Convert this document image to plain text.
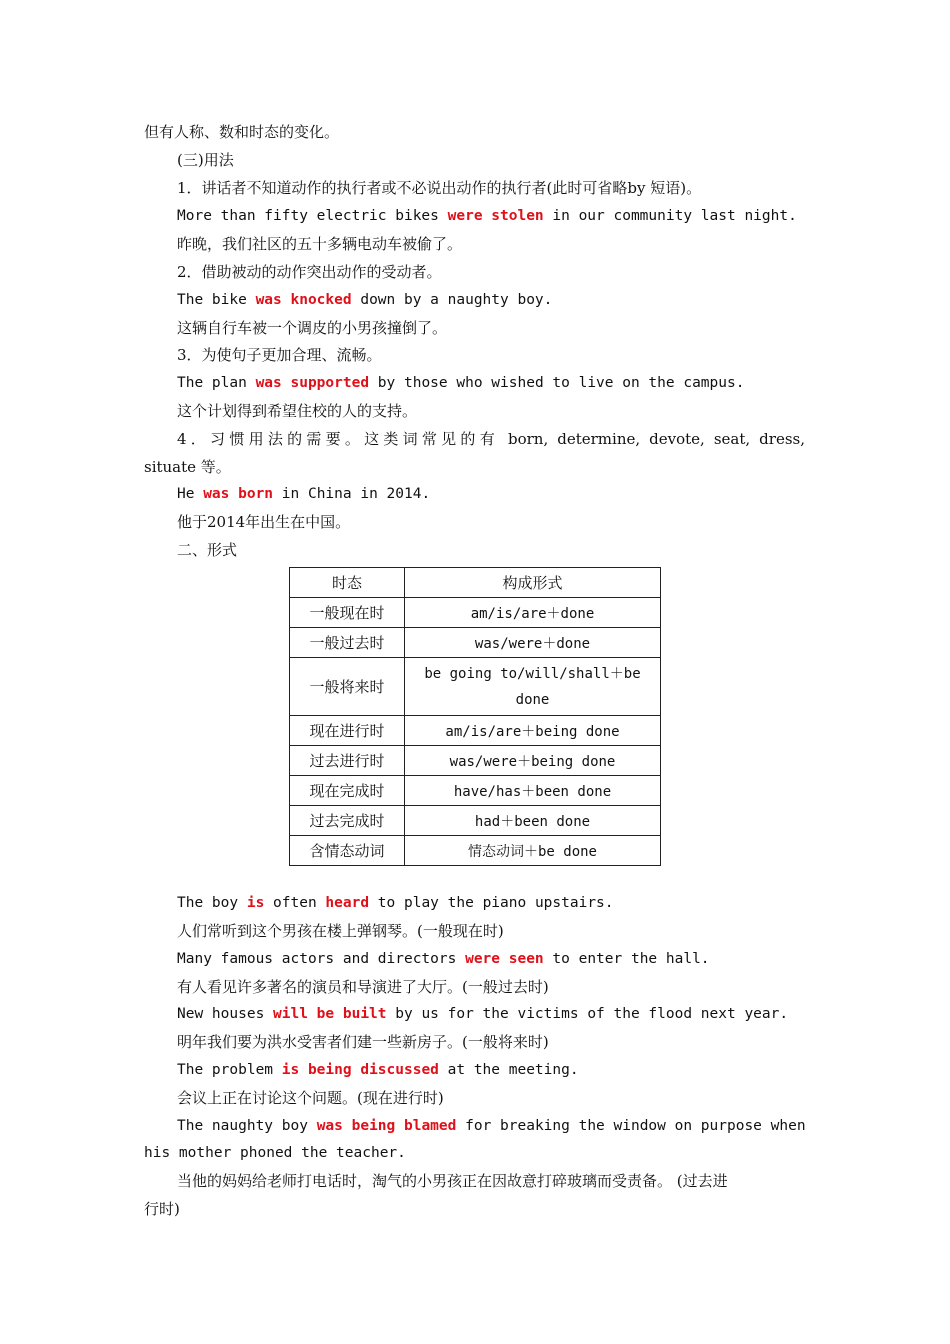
但有人称、数和时态的变化。
(三)用法
1．讲话者不知道动作的执行者或不必说出动作的执行者(此时可省略by 短语)。
More than fifty electric bikes were stolen in our community last night.
昨晚，我们社区的五十多辆电动车被偷了。
2．借助被动的动作突出动作的受动者。
The bike was knocked down by a naughty boy.
这辆自行车被一个调皮的小男孩撞倒了。
3．为使句子更加合理、流畅。
The plan was supported by those who wished to live on the campus.
这个计划得到希望住校的人的支持。
4．习惯用法的需要。这类词常见的有 born, determine, devote, seat, dress,
situate 等。
He was born in China in 2014.
他于2014年出生在中国。
二、形式
时态	构成形式
一般现在时	am/is/are＋done
一般过去时	was/were＋done
一般将来时	be going to/will/shall＋be
done
现在进行时	am/is/are＋being done
过去进行时	was/were＋being done
现在完成时	have/has＋been done
过去完成时	had＋been done
含情态动词	情态动词＋be done
The boy is often heard to play the piano upstairs.
人们常听到这个男孩在楼上弹钢琴。(一般现在时)
Many famous actors and directors were seen to enter the hall.
有人看见许多著名的演员和导演进了大厅。(一般过去时)
New houses will be built by us for the victims of the flood next year.
明年我们要为洪水受害者们建一些新房子。(一般将来时)
The problem is being discussed at the meeting.
会议上正在讨论这个问题。(现在进行时)
The naughty boy was being blamed for breaking the window on purpose when
his mother phoned the teacher.
当他的妈妈给老师打电话时，淘气的小男孩正在因故意打碎玻璃而受责备。 (过去进
行时)
